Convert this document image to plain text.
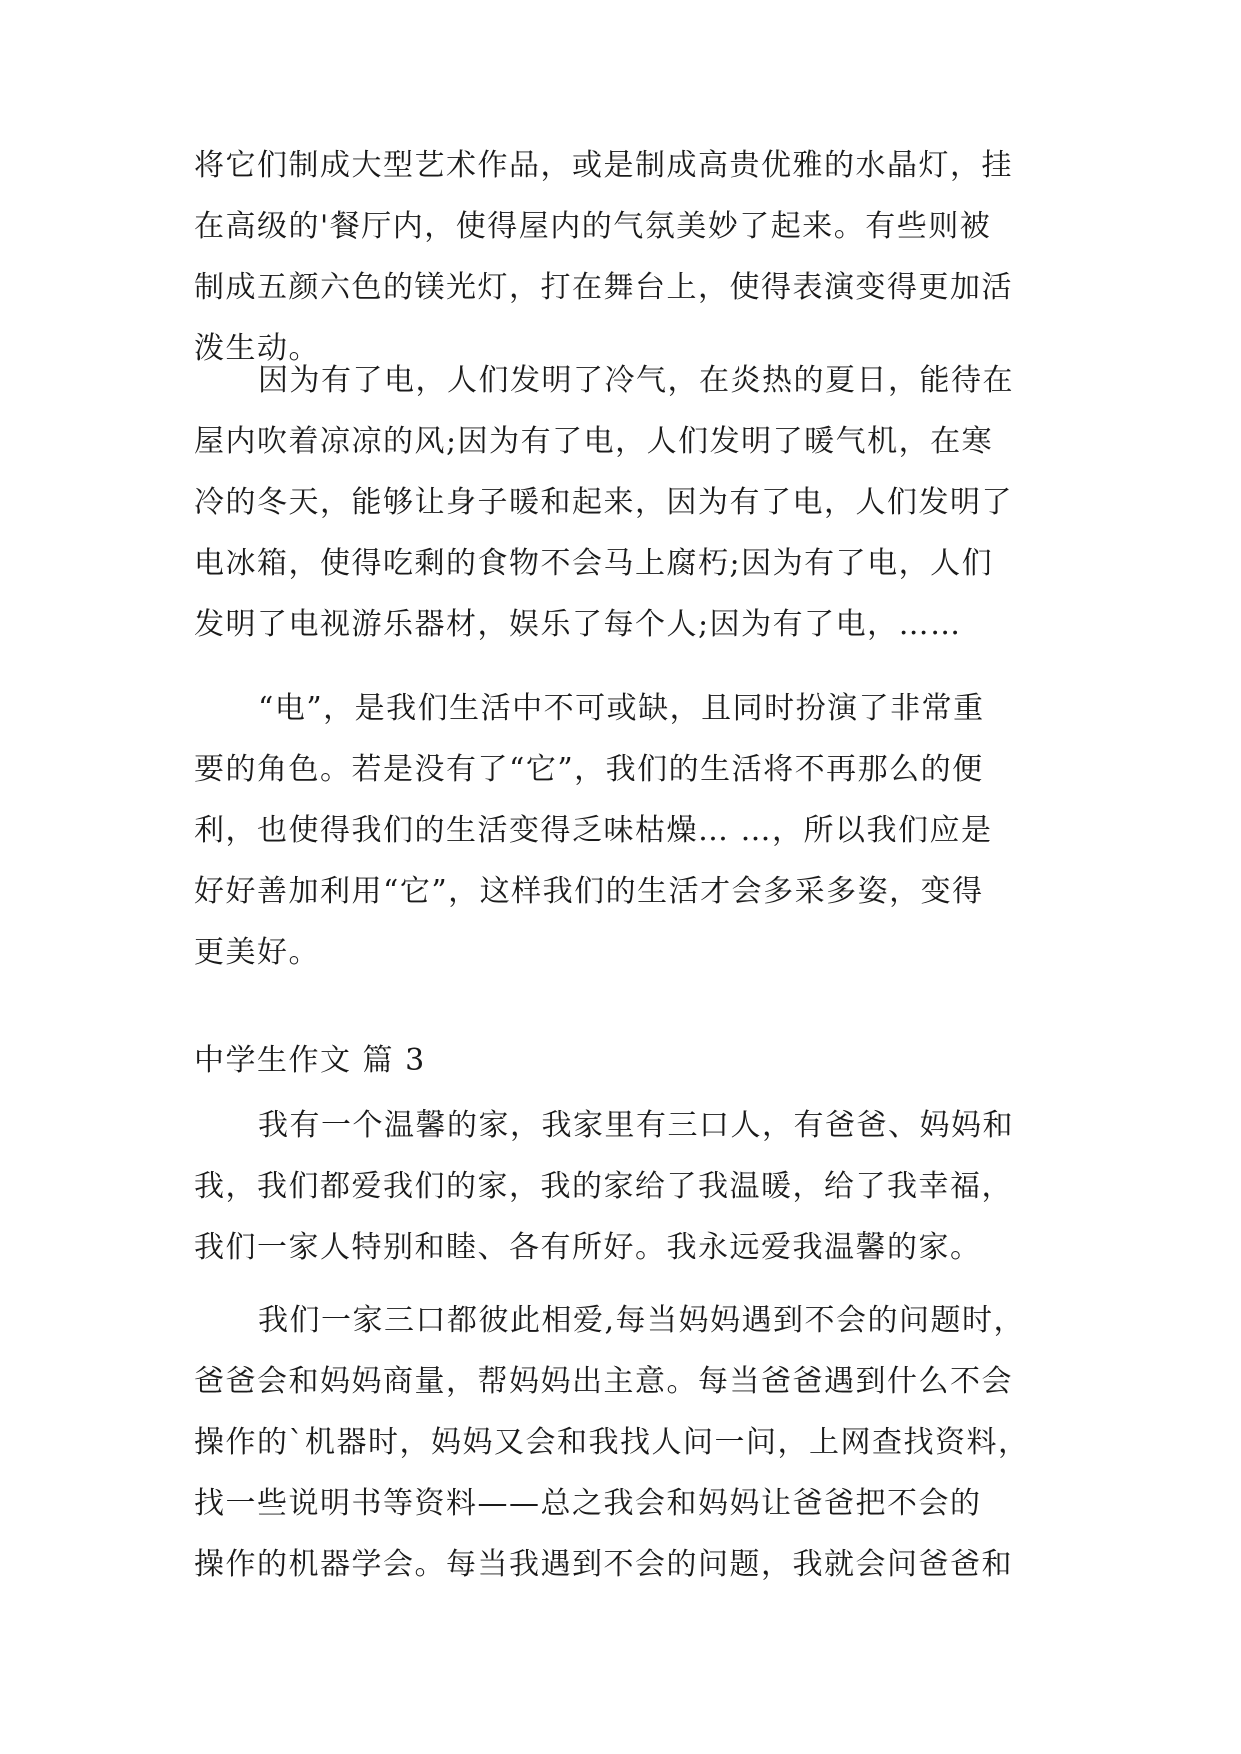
将它们制成大型艺术作品，或是制成高贵优雅的水晶灯，挂
在高级的'餐厅内，使得屋内的气氛美妙了起来。有些则被
制成五颜六色的镁光灯，打在舞台上，使得表演变得更加活
泼生动。
因为有了电，人们发明了冷气，在炎热的夏日，能待在
屋内吹着凉凉的风;因为有了电，人们发明了暖气机，在寒
冷的冬天，能够让身子暖和起来，因为有了电，人们发明了
电冰箱，使得吃剩的食物不会马上腐朽;因为有了电，人们
发明了电视游乐器材，娱乐了每个人;因为有了电，……
“电”，是我们生活中不可或缺，且同时扮演了非常重
要的角色。若是没有了“它”，我们的生活将不再那么的便
利，也使得我们的生活变得乏味枯燥… …，所以我们应是
好好善加利用“它”，这样我们的生活才会多采多姿，变得
更美好。
中学生作文 篇 3
我有一个温馨的家，我家里有三口人，有爸爸、妈妈和
我，我们都爱我们的家，我的家给了我温暖，给了我幸福，
我们一家人特别和睦、各有所好。我永远爱我温馨的家。
我们一家三口都彼此相爱,每当妈妈遇到不会的问题时，
爸爸会和妈妈商量，帮妈妈出主意。每当爸爸遇到什么不会
操作的`机器时，妈妈又会和我找人问一问，上网查找资料，
找一些说明书等资料——总之我会和妈妈让爸爸把不会的
操作的机器学会。每当我遇到不会的问题，我就会问爸爸和
